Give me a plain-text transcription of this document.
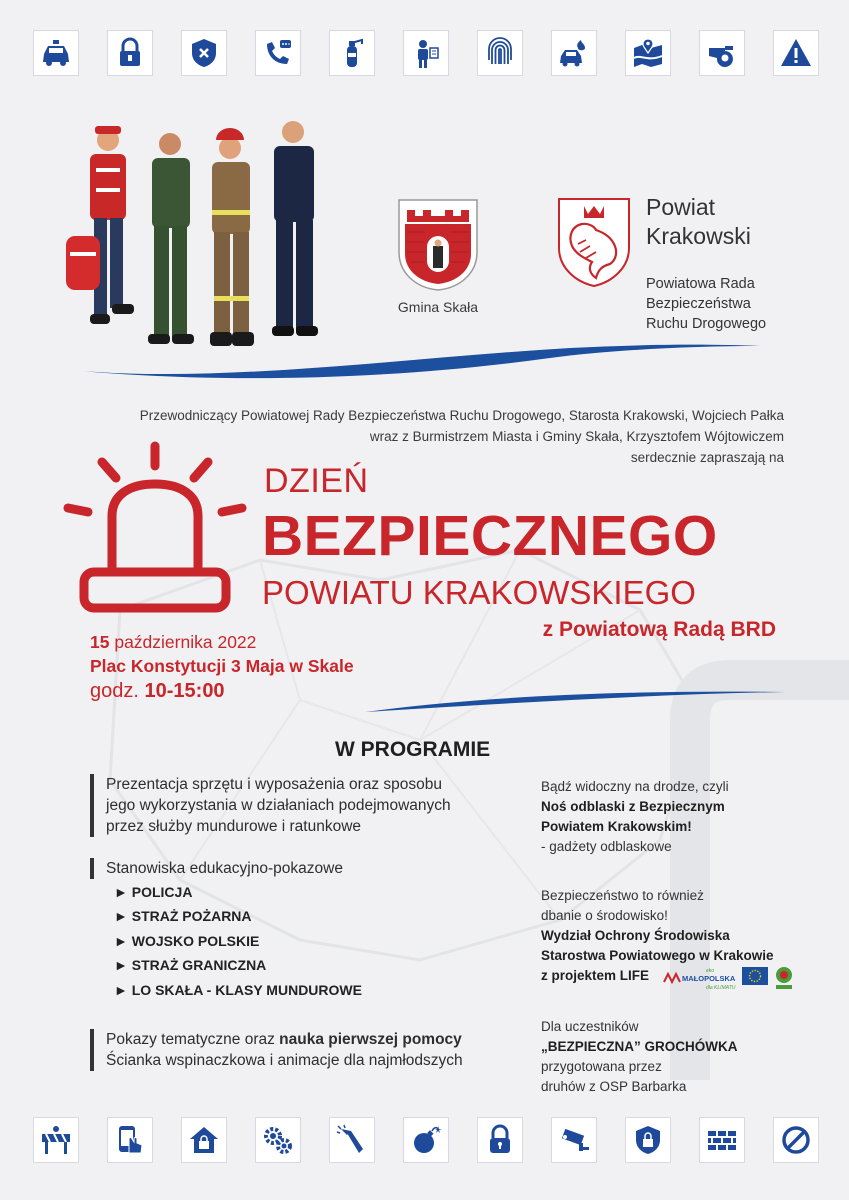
Gmina Skała
Powiat
Krakowski
Powiatowa Rada
Bezpieczeństwa
Ruchu Drogowego
Przewodniczący Powiatowej Rady Bezpieczeństwa Ruchu Drogowego, Starosta Krakowski, Wojciech Pałka
wraz z Burmistrzem Miasta i Gminy Skała, Krzysztofem Wójtowiczem
serdecznie zapraszają na
DZIEŃ
BEZPIECZNEGO
POWIATU KRAKOWSKIEGO
z Powiatową Radą BRD
15 października 2022
Plac Konstytucji 3 Maja w Skale
godz. 10-15:00
W PROGRAMIE
Prezentacja sprzętu i wyposażenia oraz sposobu
jego wykorzystania w działaniach podejmowanych
przez służby mundurowe i ratunkowe
Stanowiska edukacyjno-pokazowe
► POLICJA
► STRAŻ POŻARNA
► WOJSKO POLSKIE
► STRAŻ GRANICZNA
► LO SKAŁA - KLASY MUNDUROWE
Pokazy tematyczne oraz nauka pierwszej pomocy
Ścianka wspinaczkowa i animacje dla najmłodszych
Bądź widoczny na drodze, czyli
Noś odblaski z Bezpiecznym
Powiatem Krakowskim!
- gadżety odblaskowe
Bezpieczeństwo to również
dbanie o środowisko!
Wydział Ochrony Środowiska
Starostwa Powiatowego w Krakowie
z projektem LIFE	MAŁOPOLSKA
dla KLIMATU
eko
Dla uczestników
„BEZPIECZNA” GROCHÓWKA
przygotowana przez
druhów z OSP Barbarka
